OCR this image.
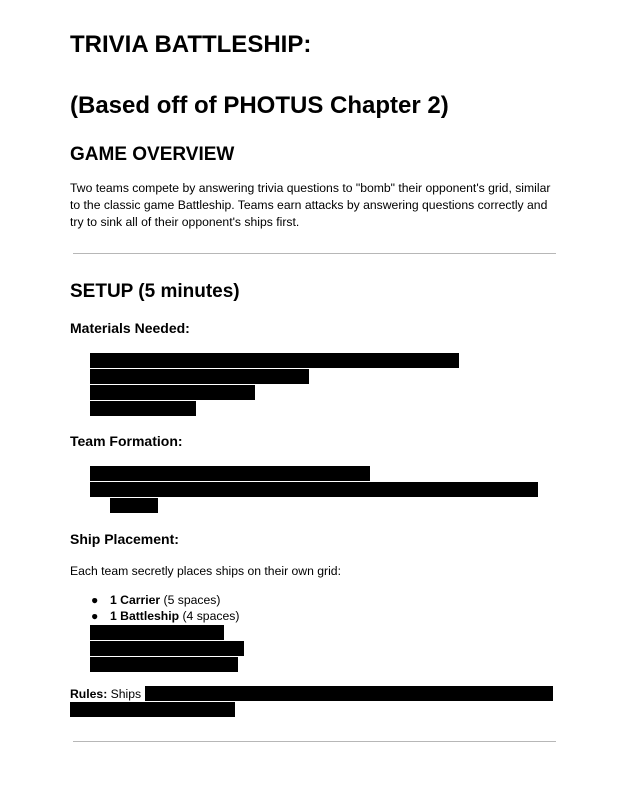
TRIVIA BATTLESHIP:
(Based off of PHOTUS Chapter 2)
GAME OVERVIEW
Two teams compete by answering trivia questions to "bomb" their opponent's grid, similar to the classic game Battleship. Teams earn attacks by answering questions correctly and try to sink all of their opponent's ships first.
SETUP (5 minutes)
Materials Needed:
Team Formation:
Ship Placement:
Each team secretly places ships on their own grid:
● 1 Carrier (5 spaces)
● 1 Battleship (4 spaces)
Rules: Ships
